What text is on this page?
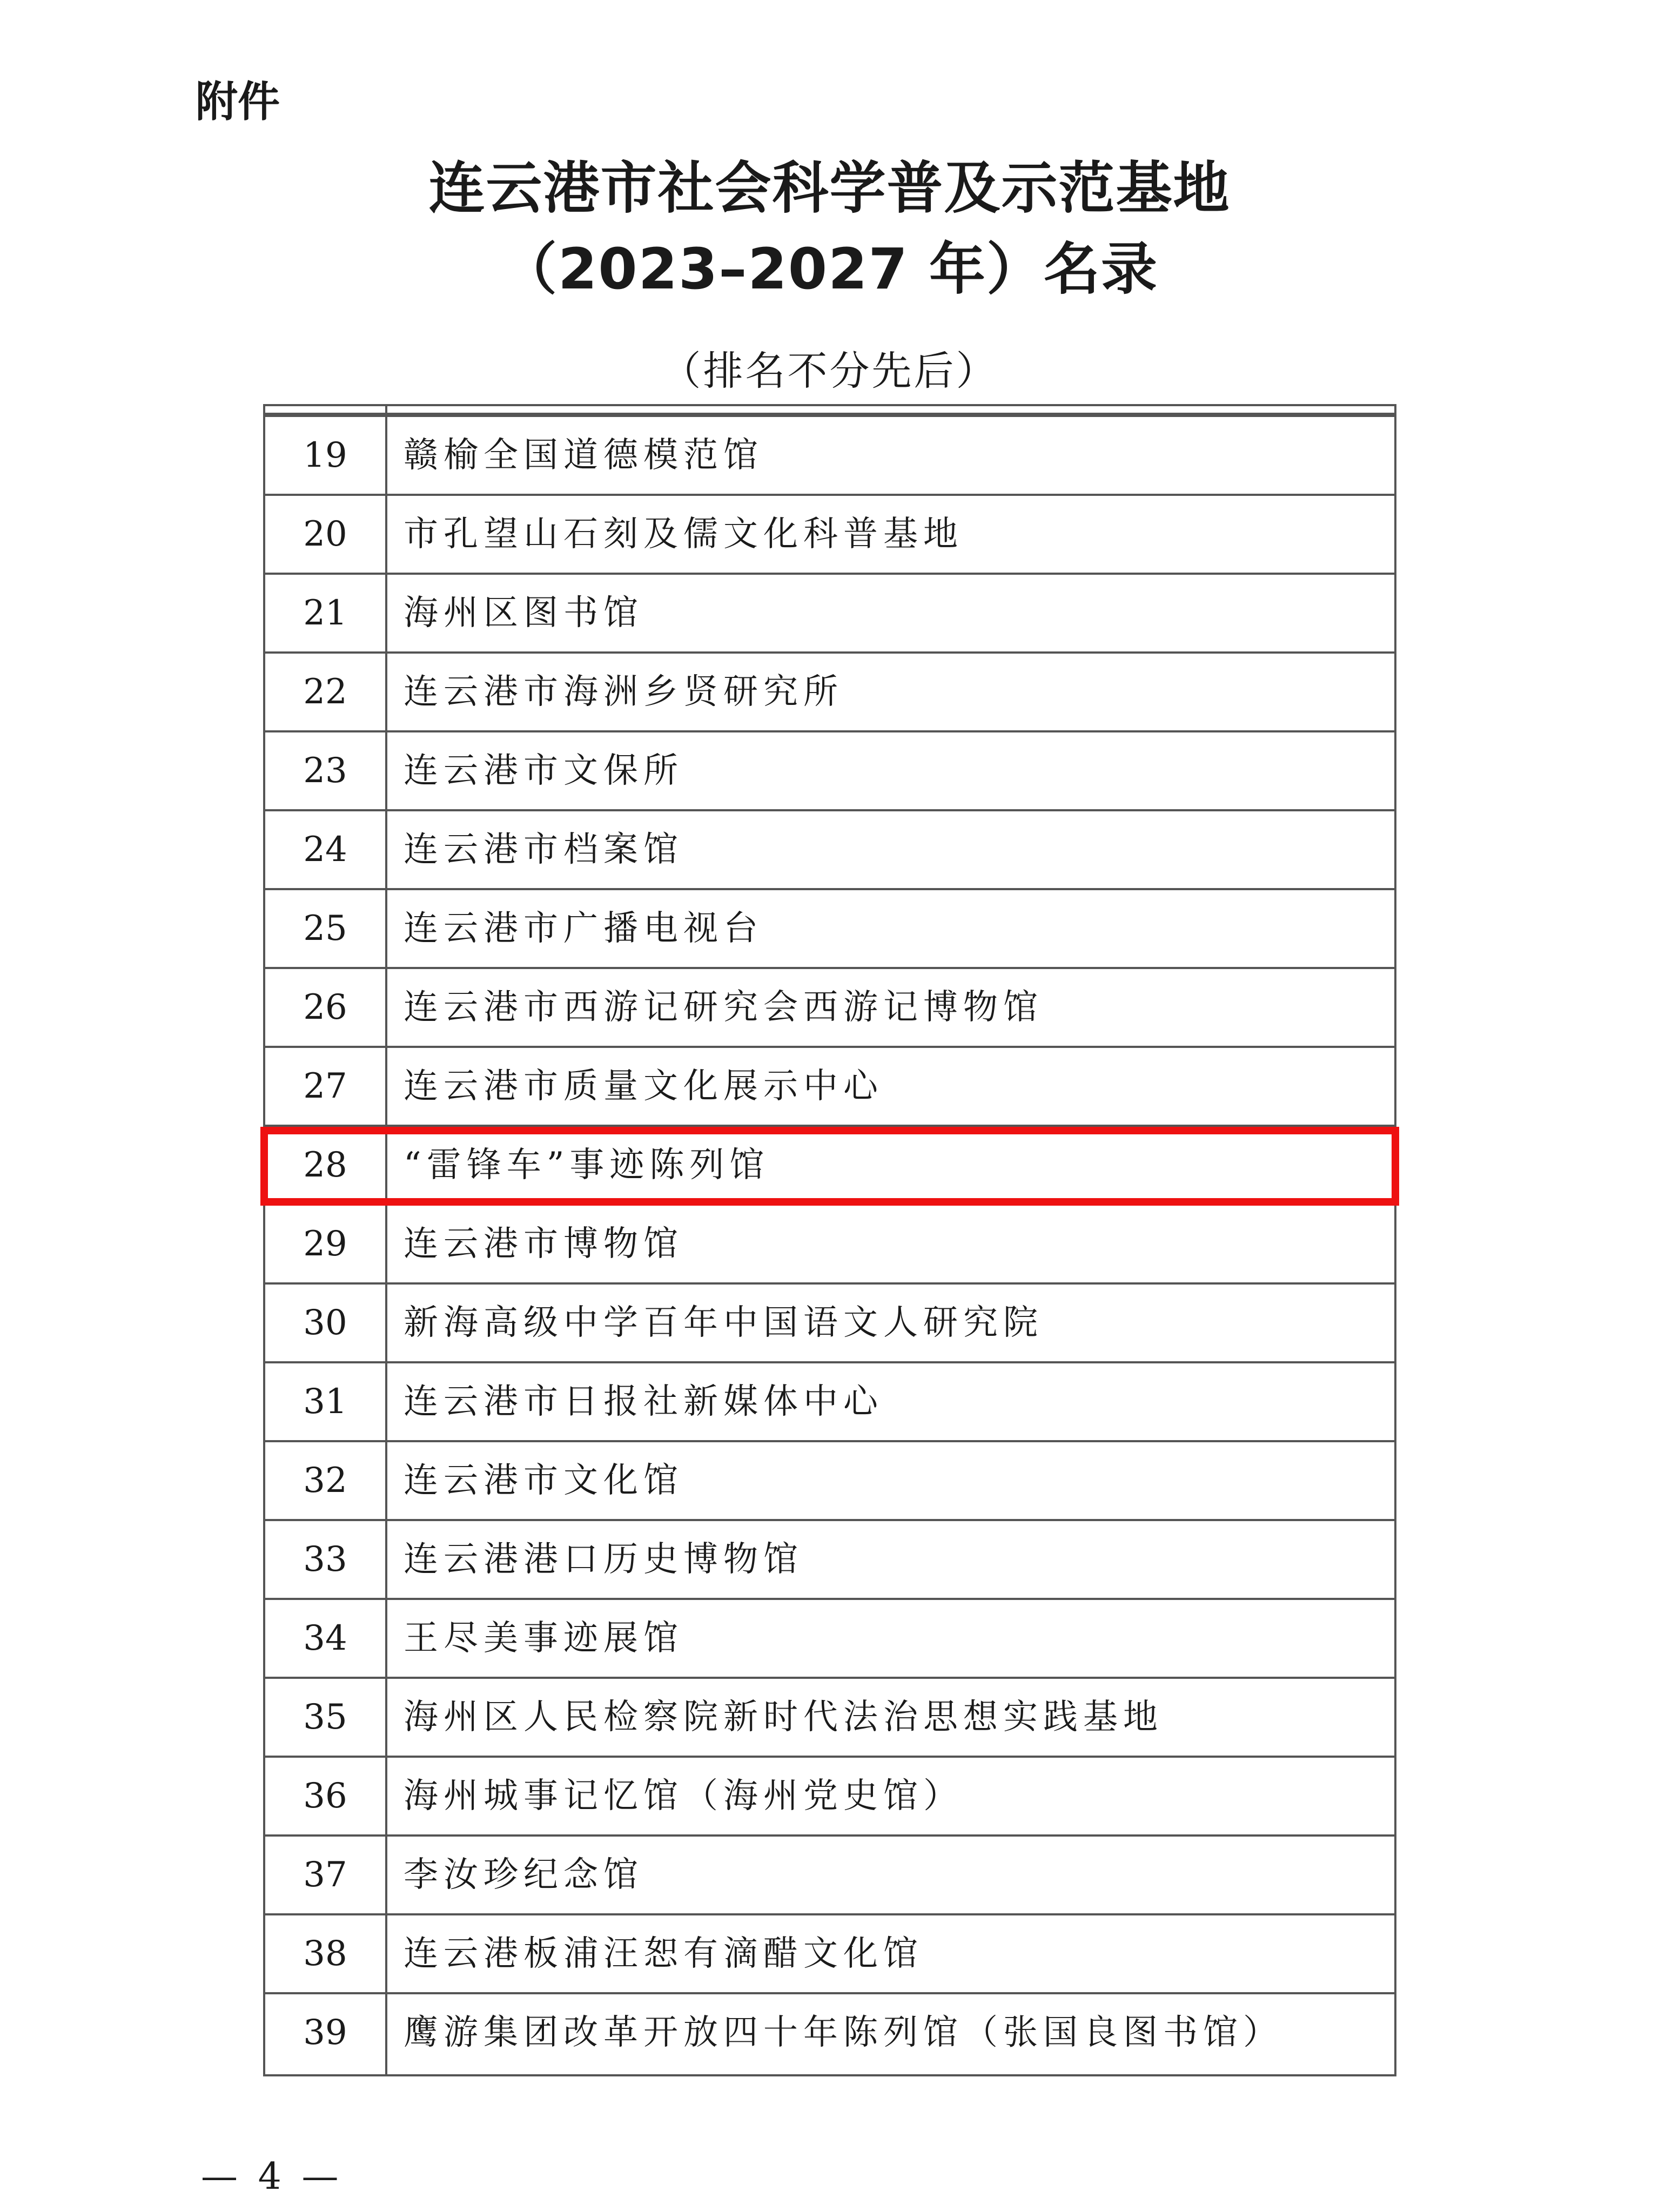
附件
连云港市社会科学普及示范基地
（2023–2027 年）名录
（排名不分先后）
19	赣榆全国道德模范馆
20	市孔望山石刻及儒文化科普基地
21	海州区图书馆
22	连云港市海洲乡贤研究所
23	连云港市文保所
24	连云港市档案馆
25	连云港市广播电视台
26	连云港市西游记研究会西游记博物馆
27	连云港市质量文化展示中心
28	“雷锋车”事迹陈列馆
29	连云港市博物馆
30	新海高级中学百年中国语文人研究院
31	连云港市日报社新媒体中心
32	连云港市文化馆
33	连云港港口历史博物馆
34	王尽美事迹展馆
35	海州区人民检察院新时代法治思想实践基地
36	海州城事记忆馆（海州党史馆）
37	李汝珍纪念馆
38	连云港板浦汪恕有滴醋文化馆
39	鹰游集团改革开放四十年陈列馆（张国良图书馆）
— 4 —
